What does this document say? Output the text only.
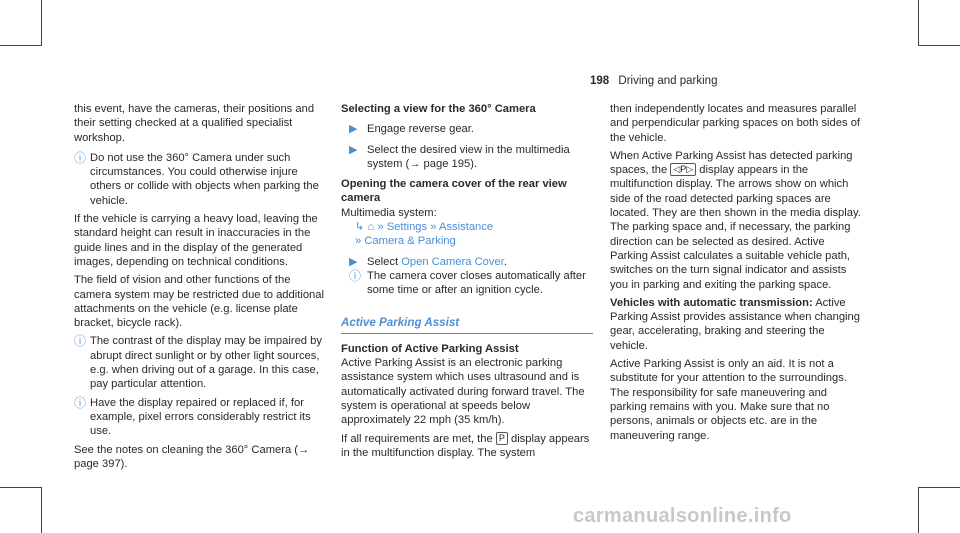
198 Driving and parking

this event, have the cameras, their positions and their setting checked at a qualified specialist workshop.

ⓘ Do not use the 360° Camera under such circumstances. You could otherwise injure others or collide with objects when parking the vehicle.

If the vehicle is carrying a heavy load, leaving the standard height can result in inaccuracies in the guide lines and in the display of the generated images, depending on technical conditions.

The field of vision and other functions of the camera system may be restricted due to additional attachments on the vehicle (e.g. license plate bracket, bicycle rack).

ⓘ The contrast of the display may be impaired by abrupt direct sunlight or by other light sources, e.g. when driving out of a garage. In this case, pay particular attention.

ⓘ Have the display repaired or replaced if, for example, pixel errors considerably restrict its use.

See the notes on cleaning the 360° Camera (→ page 397).

Selecting a view for the 360° Camera

▶ Engage reverse gear.

▶ Select the desired view in the multimedia system (→ page 195).

Opening the camera cover of the rear view camera

Multimedia system:

↳ ⌂ » Settings » Assistance

» Camera & Parking

▶ Select Open Camera Cover.

ⓘ The camera cover closes automatically after some time or after an ignition cycle.

Active Parking Assist

Function of Active Parking Assist

Active Parking Assist is an electronic parking assistance system which uses ultrasound and is automatically activated during forward travel. The system is operational at speeds below approximately 22 mph (35 km/h).

If all requirements are met, the P display appears in the multifunction display. The system

then independently locates and measures parallel and perpendicular parking spaces on both sides of the vehicle.

When Active Parking Assist has detected parking spaces, the ◁P▷ display appears in the multifunction display. The arrows show on which side of the road detected parking spaces are located. They are then shown in the media display. The parking space and, if necessary, the parking direction can be selected as desired. Active Parking Assist calculates a suitable vehicle path, switches on the turn signal indicator and assists you in parking and exiting the parking space.

Vehicles with automatic transmission: Active Parking Assist provides assistance when changing gear, accelerating, braking and steering the vehicle.

Active Parking Assist is only an aid. It is not a substitute for your attention to the surroundings. The responsibility for safe maneuvering and parking remains with you. Make sure that no persons, animals or objects etc. are in the maneuvering range.

carmanualsonline.info
